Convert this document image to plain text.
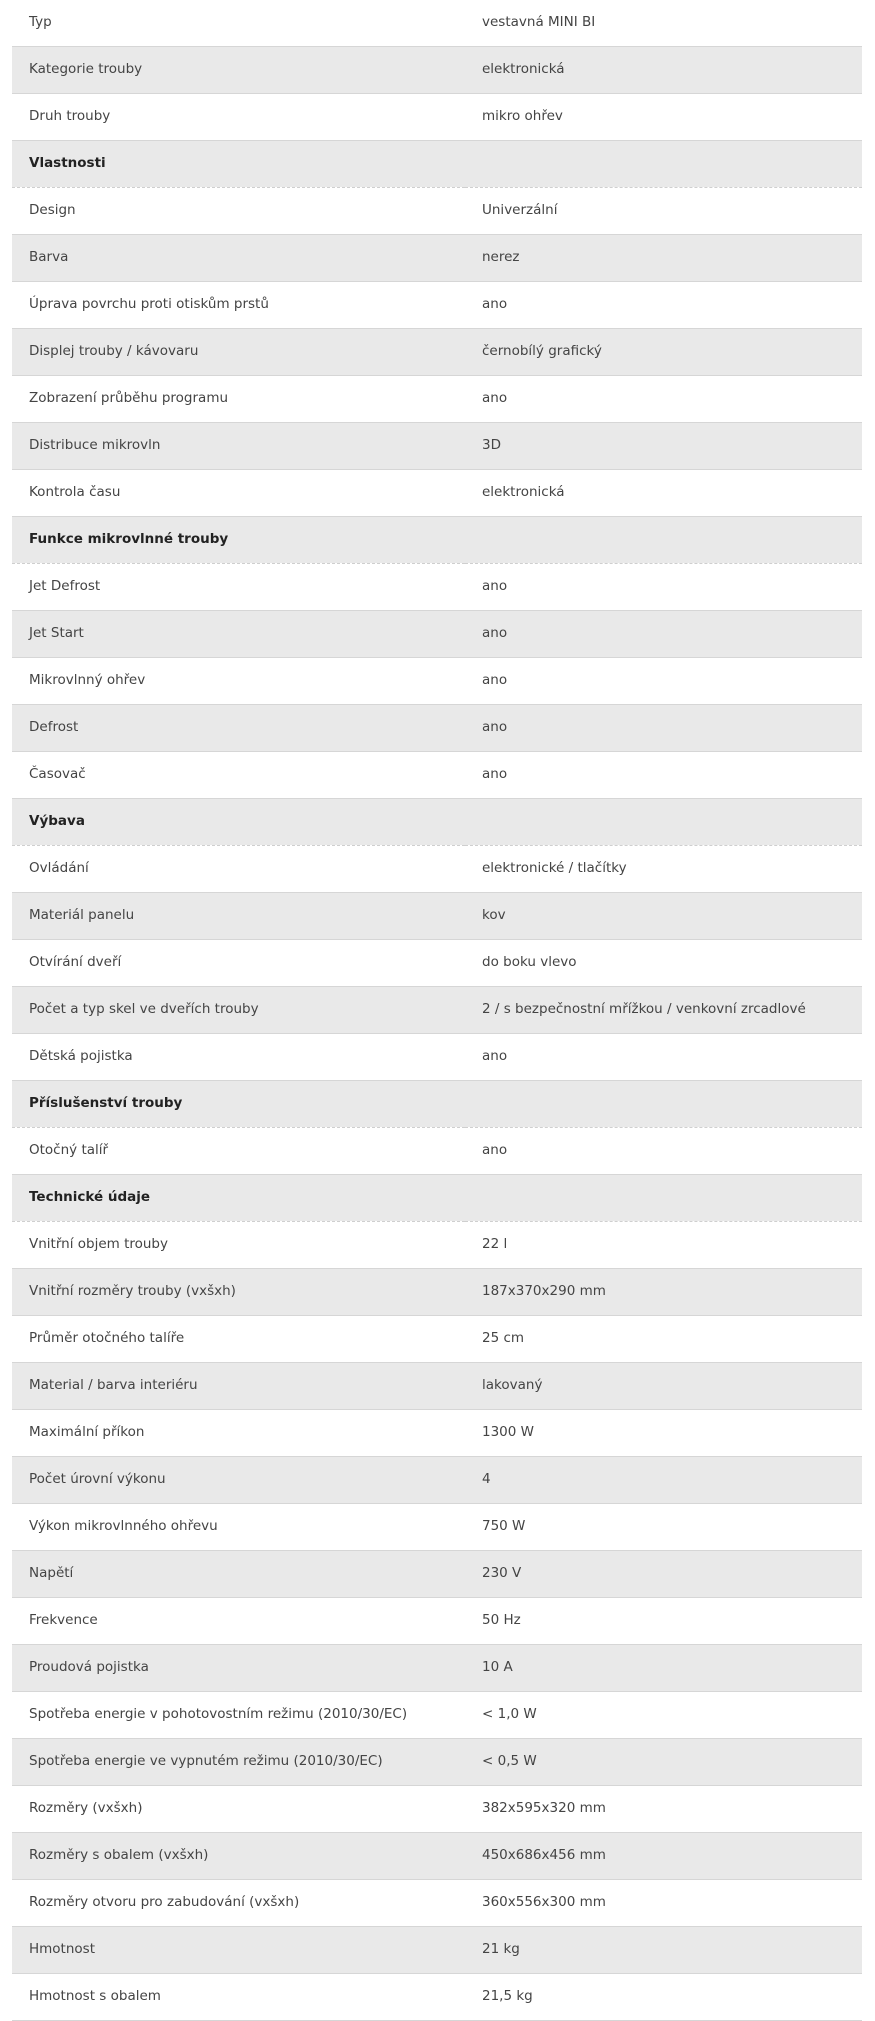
Typ	vestavná MINI BI
Kategorie trouby	elektronická
Druh trouby	mikro ohřev
Vlastnosti	
Design	Univerzální
Barva	nerez
Úprava povrchu proti otiskům prstů	ano
Displej trouby / kávovaru	černobílý grafický
Zobrazení průběhu programu	ano
Distribuce mikrovln	3D
Kontrola času	elektronická
Funkce mikrovlnné trouby	
Jet Defrost	ano
Jet Start	ano
Mikrovlnný ohřev	ano
Defrost	ano
Časovač	ano
Výbava	
Ovládání	elektronické / tlačítky
Materiál panelu	kov
Otvírání dveří	do boku vlevo
Počet a typ skel ve dveřích trouby	2 / s bezpečnostní mřížkou / venkovní zrcadlové
Dětská pojistka	ano
Příslušenství trouby	
Otočný talíř	ano
Technické údaje	
Vnitřní objem trouby	22 l
Vnitřní rozměry trouby (vxšxh)	187x370x290 mm
Průměr otočného talíře	25 cm
Material / barva interiéru	lakovaný
Maximální příkon	1300 W
Počet úrovní výkonu	4
Výkon mikrovlnného ohřevu	750 W
Napětí	230 V
Frekvence	50 Hz
Proudová pojistka	10 A
Spotřeba energie v pohotovostním režimu (2010/30/EC)	< 1,0 W
Spotřeba energie ve vypnutém režimu (2010/30/EC)	< 0,5 W
Rozměry (vxšxh)	382x595x320 mm
Rozměry s obalem (vxšxh)	450x686x456 mm
Rozměry otvoru pro zabudování (vxšxh)	360x556x300 mm
Hmotnost	21 kg
Hmotnost s obalem	21,5 kg
